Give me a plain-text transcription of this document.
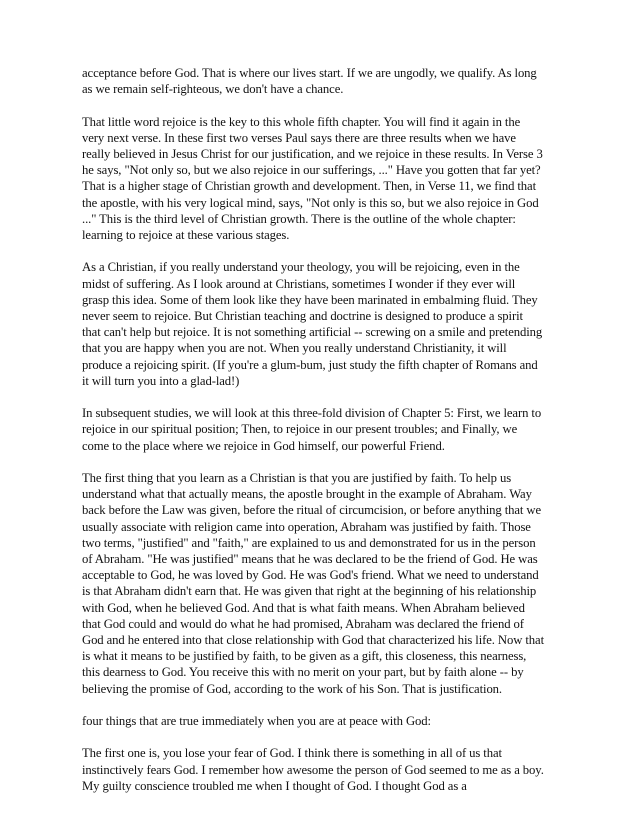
acceptance before God. That is where our lives start. If we are ungodly, we qualify. As long as we remain self-righteous, we don't have a chance.

That little word rejoice is the key to this whole fifth chapter. You will find it again in the very next verse. In these first two verses Paul says there are three results when we have really believed in Jesus Christ for our justification, and we rejoice in these results. In Verse 3 he says, "Not only so, but we also rejoice in our sufferings, ..." Have you gotten that far yet? That is a higher stage of Christian growth and development. Then, in Verse 11, we find that the apostle, with his very logical mind, says, "Not only is this so, but we also rejoice in God ..." This is the third level of Christian growth. There is the outline of the whole chapter: learning to rejoice at these various stages.

As a Christian, if you really understand your theology, you will be rejoicing, even in the midst of suffering. As I look around at Christians, sometimes I wonder if they ever will grasp this idea. Some of them look like they have been marinated in embalming fluid. They never seem to rejoice. But Christian teaching and doctrine is designed to produce a spirit that can't help but rejoice. It is not something artificial -- screwing on a smile and pretending that you are happy when you are not. When you really understand Christianity, it will produce a rejoicing spirit. (If you're a glum-bum, just study the fifth chapter of Romans and it will turn you into a glad-lad!)

In subsequent studies, we will look at this three-fold division of Chapter 5: First, we learn to rejoice in our spiritual position; Then, to rejoice in our present troubles; and Finally, we come to the place where we rejoice in God himself, our powerful Friend.

The first thing that you learn as a Christian is that you are justified by faith. To help us understand what that actually means, the apostle brought in the example of Abraham. Way back before the Law was given, before the ritual of circumcision, or before anything that we usually associate with religion came into operation, Abraham was justified by faith. Those two terms, "justified" and "faith," are explained to us and demonstrated for us in the person of Abraham. "He was justified" means that he was declared to be the friend of God. He was acceptable to God, he was loved by God. He was God's friend. What we need to understand is that Abraham didn't earn that. He was given that right at the beginning of his relationship with God, when he believed God. And that is what faith means. When Abraham believed that God could and would do what he had promised, Abraham was declared the friend of God and he entered into that close relationship with God that characterized his life. Now that is what it means to be justified by faith, to be given as a gift, this closeness, this nearness, this dearness to God. You receive this with no merit on your part, but by faith alone -- by believing the promise of God, according to the work of his Son. That is justification.

four things that are true immediately when you are at peace with God:

The first one is, you lose your fear of God. I think there is something in all of us that instinctively fears God. I remember how awesome the person of God seemed to me as a boy. My guilty conscience troubled me when I thought of God. I thought God as a
